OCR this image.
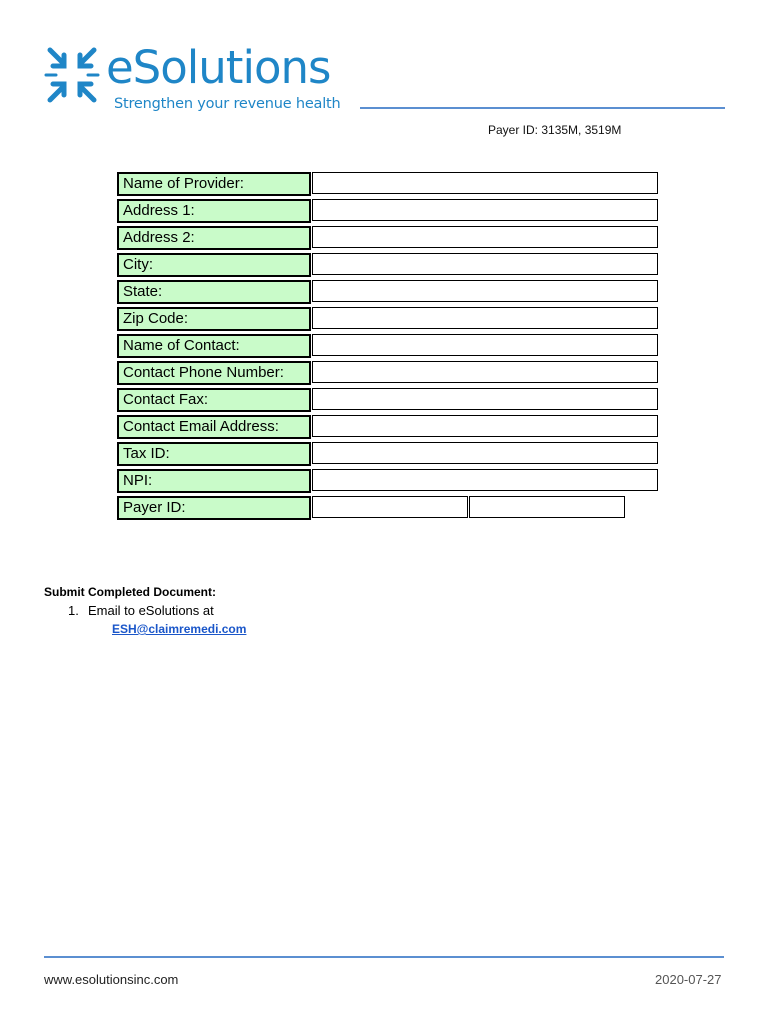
eSolutions
Strengthen your revenue health
Payer ID: 3135M, 3519M
Name of Provider:
Address 1:
Address 2:
City:
State:
Zip Code:
Name of Contact:
Contact Phone Number:
Contact Fax:
Contact Email Address:
Tax ID:
NPI:
Payer ID:
Submit Completed Document:
1. Email to eSolutions at
ESH@claimremedi.com
www.esolutionsinc.com	2020-07-27
